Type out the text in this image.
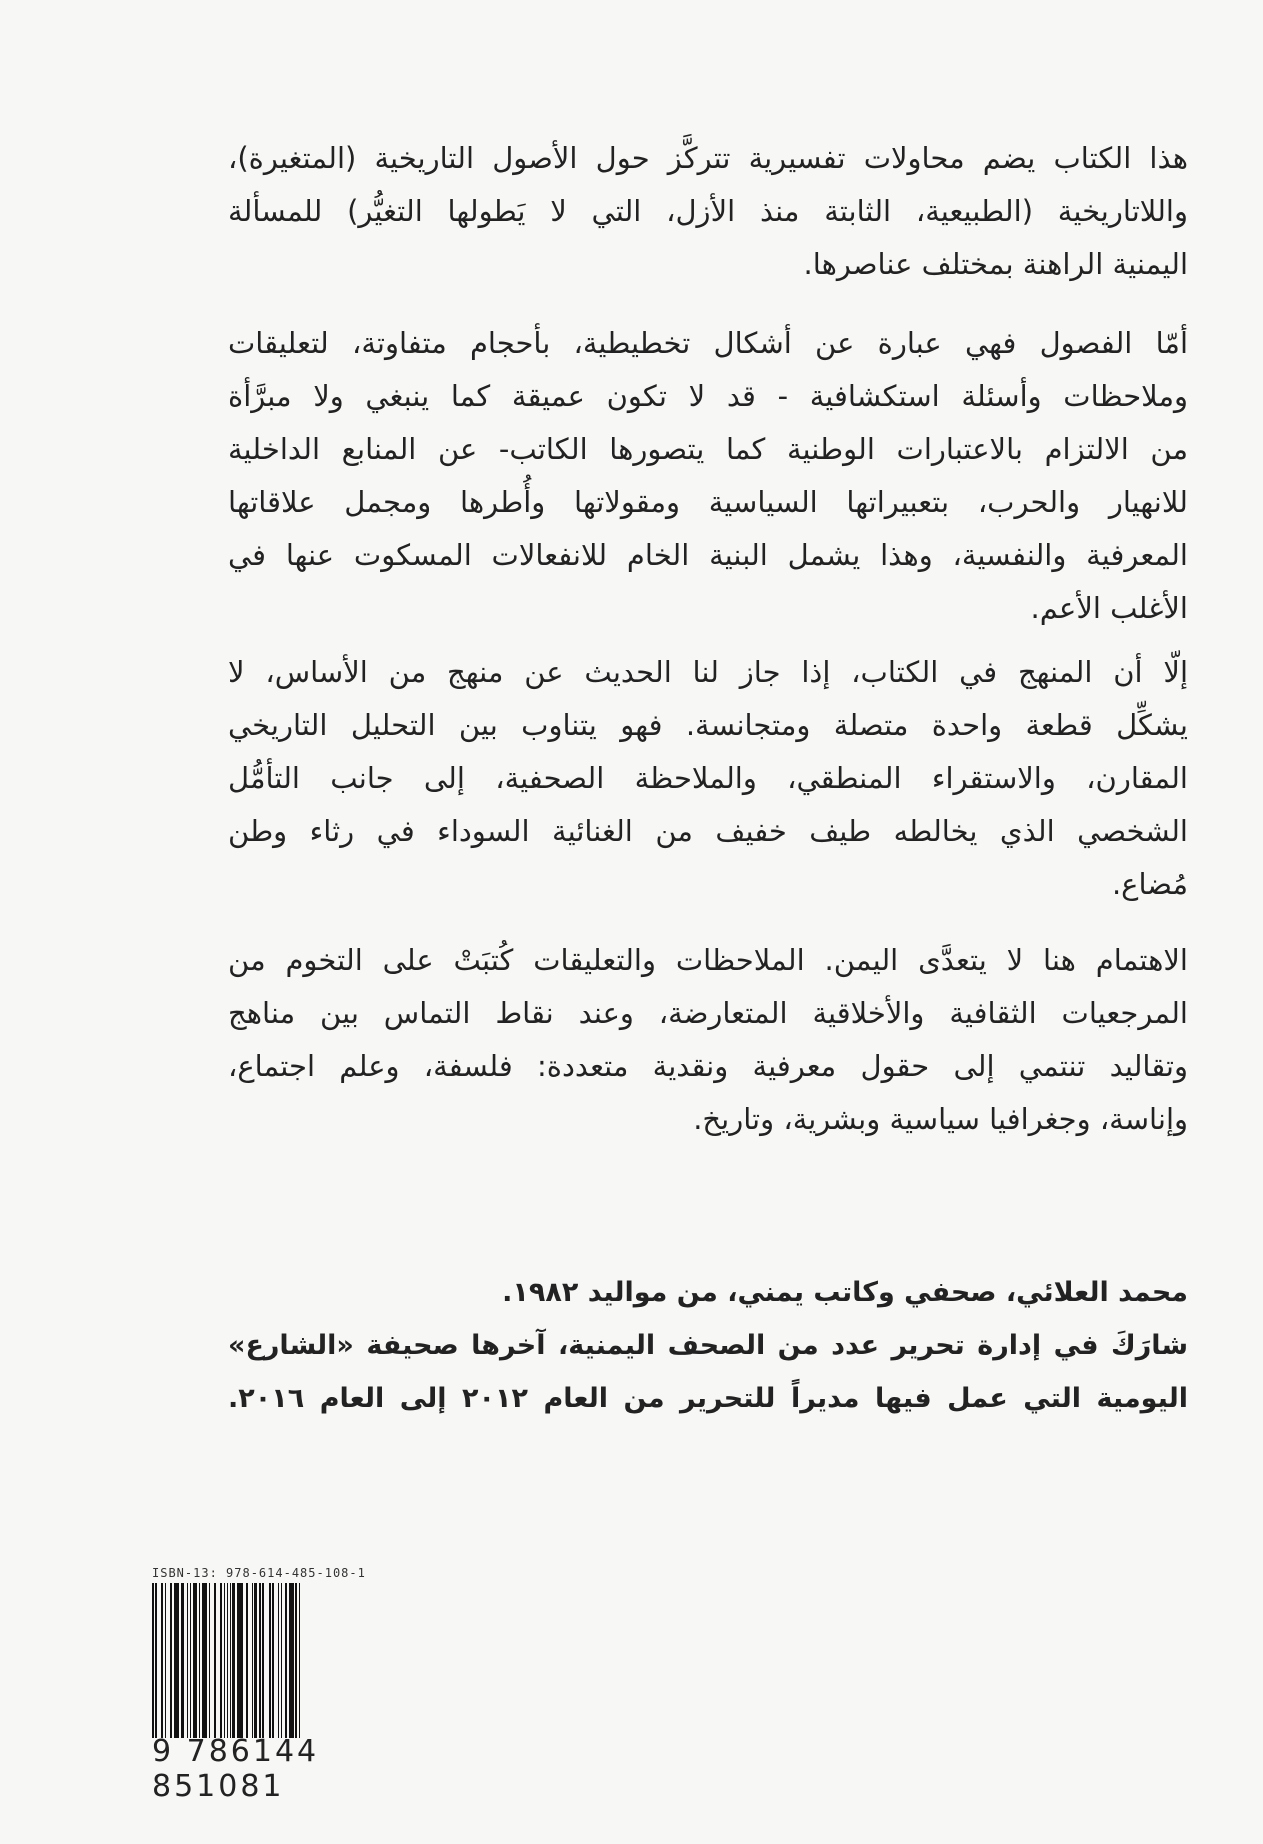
هذا الكتاب يضم محاولات تفسيرية تتركَّز حول الأصول التاريخية (المتغيرة)،
واللاتاريخية (الطبيعية، الثابتة منذ الأزل، التي لا يَطولها التغيُّر) للمسألة
اليمنية الراهنة بمختلف عناصرها.
أمّا الفصول فهي عبارة عن أشكال تخطيطية، بأحجام متفاوتة، لتعليقات
وملاحظات وأسئلة استكشافية - قد لا تكون عميقة كما ينبغي ولا مبرَّأة
من الالتزام بالاعتبارات الوطنية كما يتصورها الكاتب- عن المنابع الداخلية
للانهيار والحرب، بتعبيراتها السياسية ومقولاتها وأُطرها ومجمل علاقاتها
المعرفية والنفسية، وهذا يشمل البنية الخام للانفعالات المسكوت عنها في
الأغلب الأعم.
إلّا أن المنهج في الكتاب، إذا جاز لنا الحديث عن منهج من الأساس، لا
يشكِّل قطعة واحدة متصلة ومتجانسة. فهو يتناوب بين التحليل التاريخي
المقارن، والاستقراء المنطقي، والملاحظة الصحفية، إلى جانب التأمُّل
الشخصي الذي يخالطه طيف خفيف من الغنائية السوداء في رثاء وطن
مُضاع.
الاهتمام هنا لا يتعدَّى اليمن. الملاحظات والتعليقات كُتبَتْ على التخوم من
المرجعيات الثقافية والأخلاقية المتعارضة، وعند نقاط التماس بين مناهج
وتقاليد تنتمي إلى حقول معرفية ونقدية متعددة: فلسفة، وعلم اجتماع،
وإناسة، وجغرافيا سياسية وبشرية، وتاريخ.
محمد العلائي، صحفي وكاتب يمني، من مواليد ١٩٨٢.
شارَكَ في إدارة تحرير عدد من الصحف اليمنية، آخرها صحيفة «الشارع»
اليومية التي عمل فيها مديراً للتحرير من العام ٢٠١٢ إلى العام ٢٠١٦.
ISBN-13: 978-614-485-108-1
9 786144 851081
